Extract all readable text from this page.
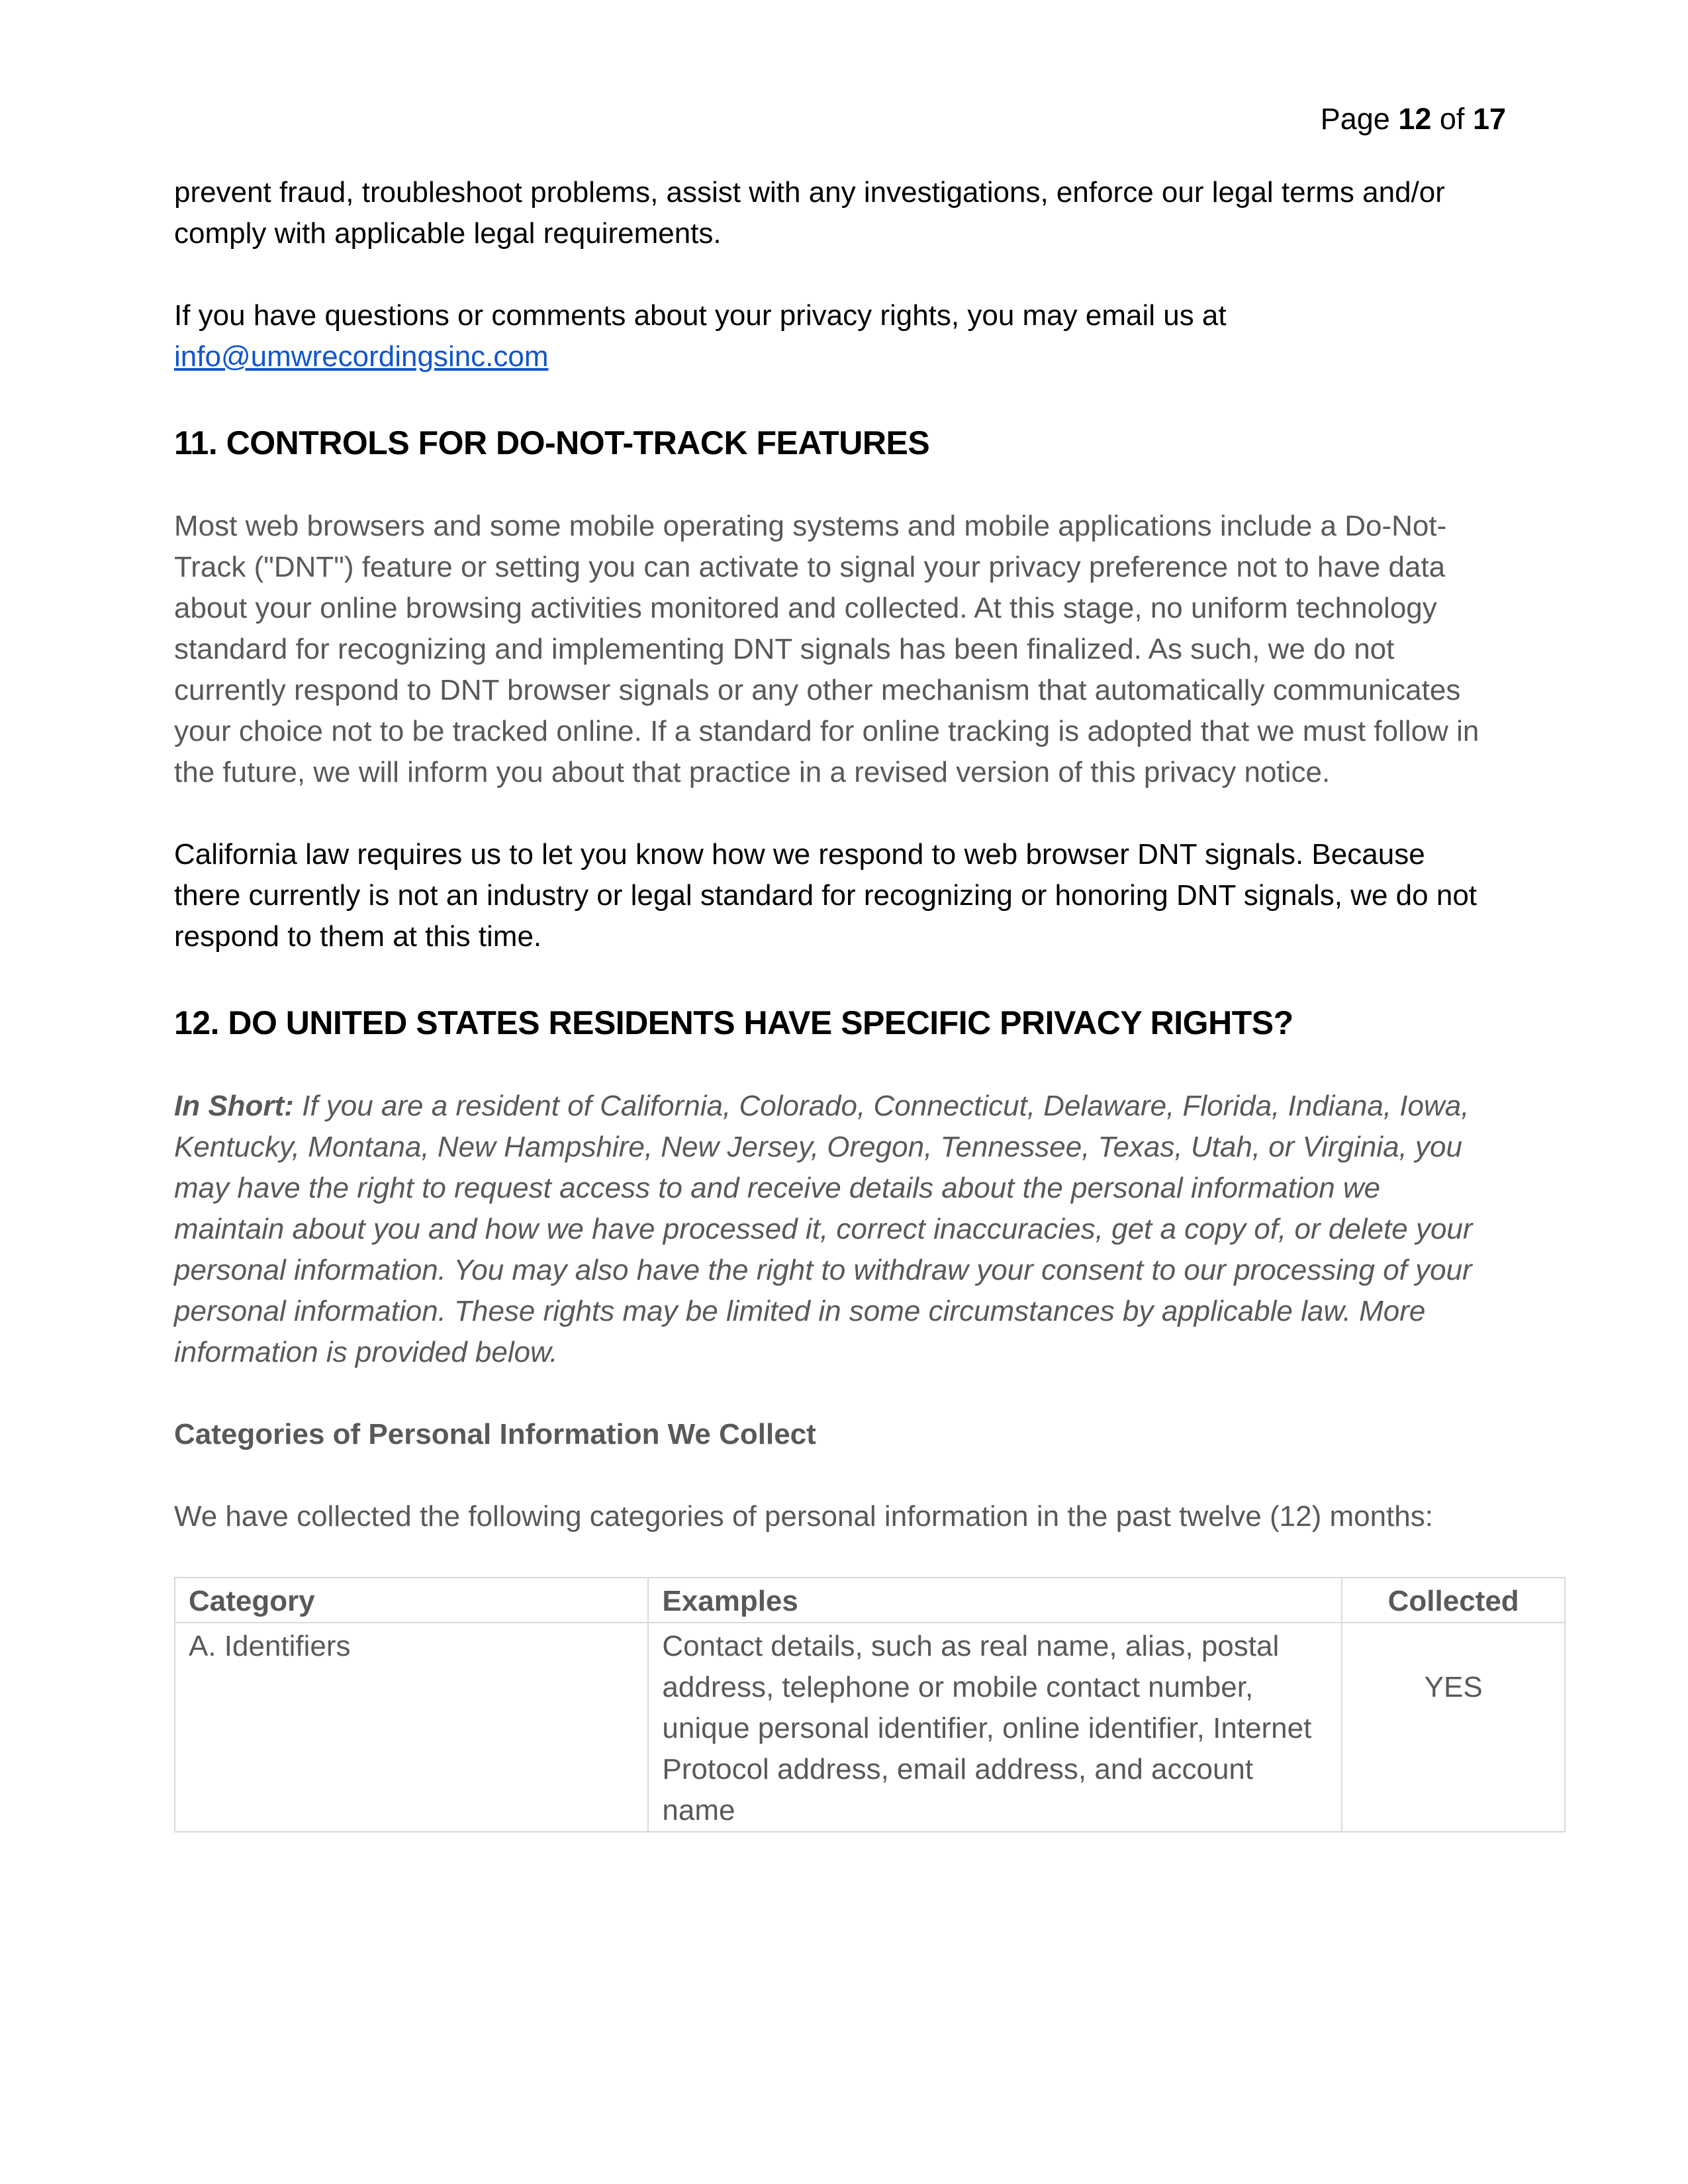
Page 12 of 17

prevent fraud, troubleshoot problems, assist with any investigations, enforce our legal terms and/or comply with applicable legal requirements.

If you have questions or comments about your privacy rights, you may email us at info@umwrecordingsinc.com

11. CONTROLS FOR DO-NOT-TRACK FEATURES

Most web browsers and some mobile operating systems and mobile applications include a Do-Not-Track ("DNT") feature or setting you can activate to signal your privacy preference not to have data about your online browsing activities monitored and collected. At this stage, no uniform technology standard for recognizing and implementing DNT signals has been finalized. As such, we do not currently respond to DNT browser signals or any other mechanism that automatically communicates your choice not to be tracked online. If a standard for online tracking is adopted that we must follow in the future, we will inform you about that practice in a revised version of this privacy notice.

California law requires us to let you know how we respond to web browser DNT signals. Because there currently is not an industry or legal standard for recognizing or honoring DNT signals, we do not respond to them at this time.

12. DO UNITED STATES RESIDENTS HAVE SPECIFIC PRIVACY RIGHTS?

In Short: If you are a resident of California, Colorado, Connecticut, Delaware, Florida, Indiana, Iowa, Kentucky, Montana, New Hampshire, New Jersey, Oregon, Tennessee, Texas, Utah, or Virginia, you may have the right to request access to and receive details about the personal information we maintain about you and how we have processed it, correct inaccuracies, get a copy of, or delete your personal information. You may also have the right to withdraw your consent to our processing of your personal information. These rights may be limited in some circumstances by applicable law. More information is provided below.

Categories of Personal Information We Collect

We have collected the following categories of personal information in the past twelve (12) months:

Category	Examples	Collected
A. Identifiers	Contact details, such as real name, alias, postal address, telephone or mobile contact number, unique personal identifier, online identifier, Internet Protocol address, email address, and account name	YES
